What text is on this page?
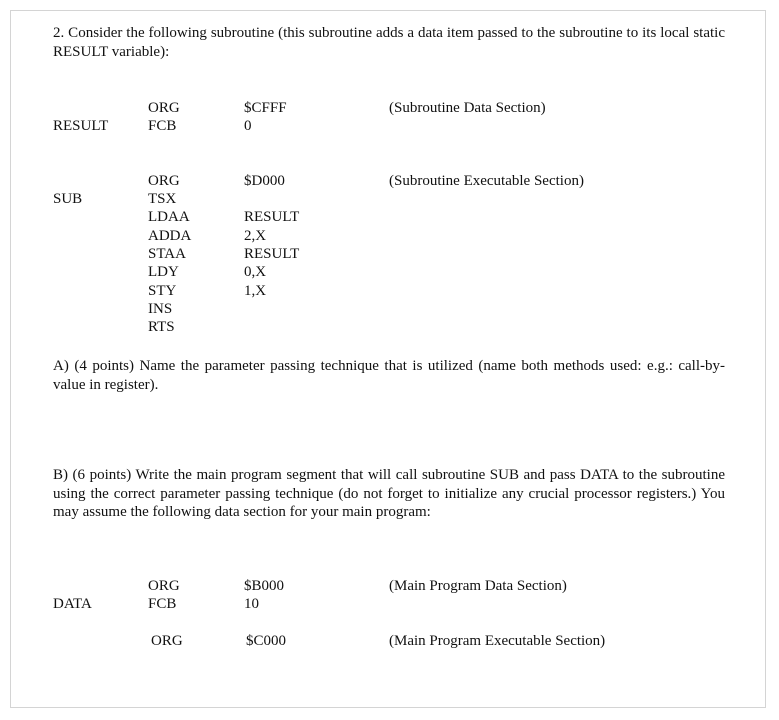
2. Consider the following subroutine (this subroutine adds a data item passed to the subroutine to its local static RESULT variable):

RESULT
ORG
FCB
$CFFF
0
(Subroutine Data Section)
SUB
ORG
TSX
LDAA
ADDA
STAA
LDY
STY
INS
RTS
$D000
RESULT
2,X
RESULT
0,X
1,X
(Subroutine Executable Section)

A) (4 points) Name the parameter passing technique that is utilized (name both methods used: e.g.: call-by-value in register).

B) (6 points) Write the main program segment that will call subroutine SUB and pass DATA to the subroutine using the correct parameter passing technique (do not forget to initialize any crucial processor registers.) You may assume the following data section for your main program:

DATA
ORG
FCB
$B000
10
(Main Program Data Section)
ORG	$C000	(Main Program Executable Section)
